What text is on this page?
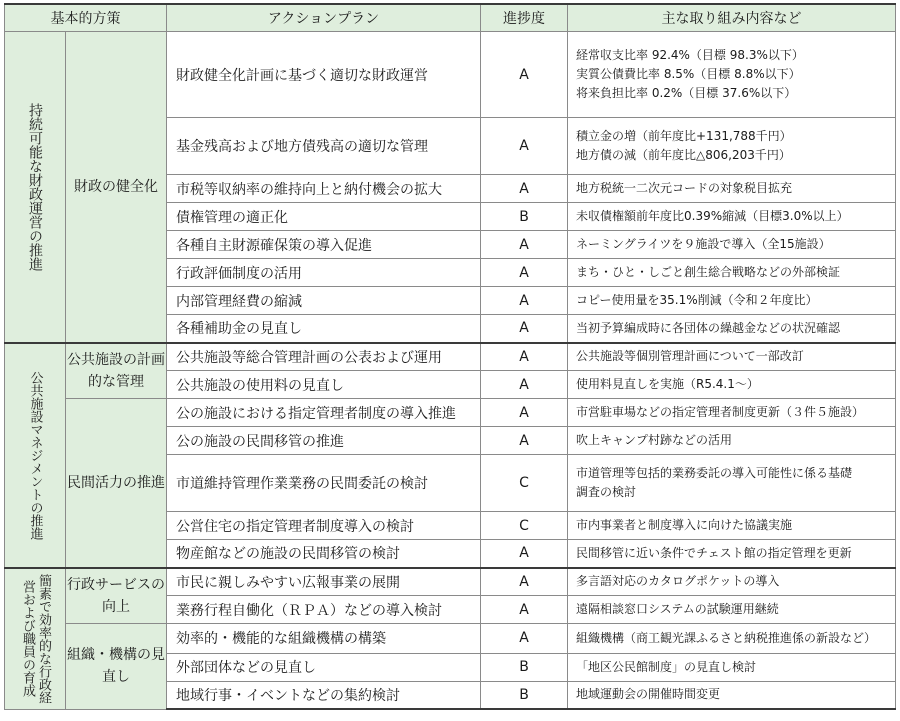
基本的方策		アクションプラン	進捗度	主な取り組み内容など

持続可能な財政運営の推進	財政の健全化	財政健全化計画に基づく適切な財政運営	A	経常収支比率 92.4%（目標 98.3%以下）
実質公債費比率 8.5%（目標 8.8%以下）
将来負担比率 0.2%（目標 37.6%以下）

		基金残高および地方債残高の適切な管理	A	積立金の増（前年度比+131,788千円）
地方債の減（前年度比△806,203千円）

		市税等収納率の維持向上と納付機会の拡大	A	地方税統一二次元コードの対象税目拡充
		債権管理の適正化	B	未収債権額前年度比0.39%縮減（目標3.0%以上）
		各種自主財源確保策の導入促進	A	ネーミングライツを９施設で導入（全15施設）
		行政評価制度の活用	A	まち・ひと・しごと創生総合戦略などの外部検証
		内部管理経費の縮減	A	コピー使用量を35.1%削減（令和２年度比）
		各種補助金の見直し	A	当初予算編成時に各団体の繰越金などの状況確認

公共施設マネジメントの推進	公共施設の計画的な管理	公共施設等総合管理計画の公表および運用	A	公共施設等個別管理計画について一部改訂
		公共施設の使用料の見直し	A	使用料見直しを実施（R5.4.1〜）
	民間活力の推進	公の施設における指定管理者制度の導入推進	A	市営駐車場などの指定管理者制度更新（３件５施設）
		公の施設の民間移管の推進	A	吹上キャンプ村跡などの活用
		市道維持管理作業業務の民間委託の検討	C	市道管理等包括的業務委託の導入可能性に係る基礎
調査の検討

		公営住宅の指定管理者制度導入の検討	C	市内事業者と制度導入に向けた協議実施
		物産館などの施設の民間移管の検討	A	民間移管に近い条件でチェスト館の指定管理を更新

簡素で効率的な行政経営および職員の育成	行政サービスの向上	市民に親しみやすい広報事業の展開	A	多言語対応のカタログポケットの導入
		業務行程自働化（ＲＰＡ）などの導入検討	A	遠隔相談窓口システムの試験運用継続
	組織・機構の見直し	効率的・機能的な組織機構の構築	A	組織機構（商工観光課ふるさと納税推進係の新設など）
		外部団体などの見直し	B	「地区公民館制度」の見直し検討
		地域行事・イベントなどの集約検討	B	地域運動会の開催時間変更
